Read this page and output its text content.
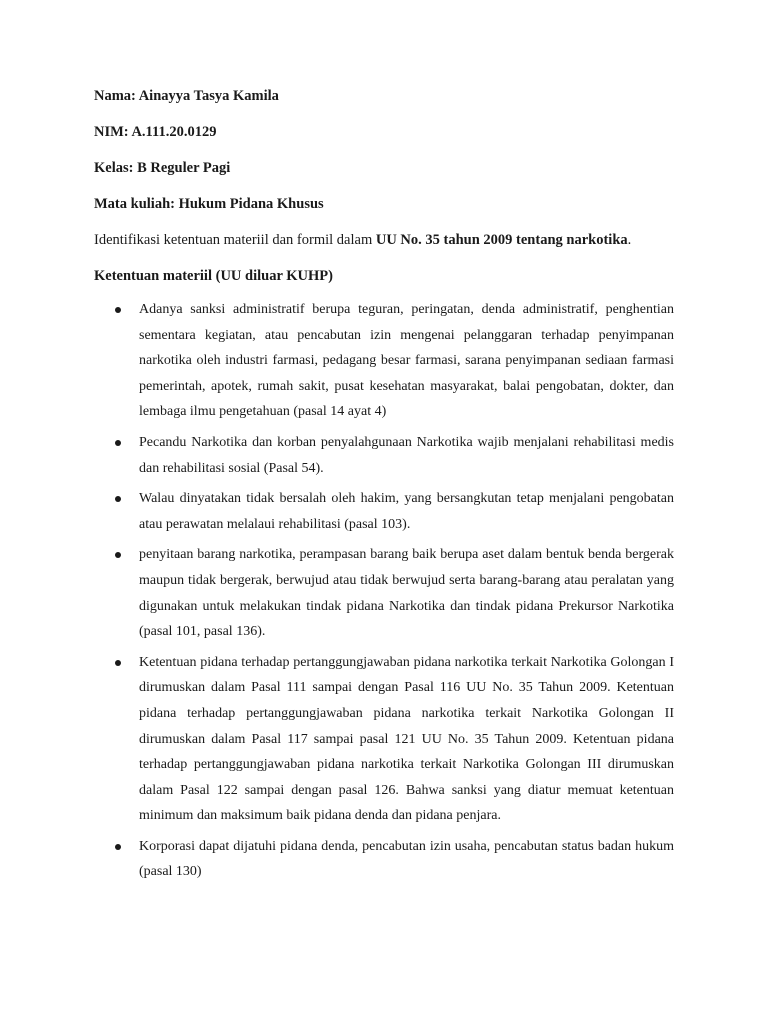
Nama: Ainayya Tasya Kamila
NIM: A.111.20.0129
Kelas: B Reguler Pagi
Mata kuliah: Hukum Pidana Khusus
Identifikasi ketentuan materiil dan formil dalam UU No. 35 tahun 2009 tentang narkotika.
Ketentuan materiil (UU diluar KUHP)
Adanya sanksi administratif berupa teguran, peringatan, denda administratif, penghentian sementara kegiatan, atau pencabutan izin mengenai pelanggaran terhadap penyimpanan narkotika oleh industri farmasi, pedagang besar farmasi, sarana penyimpanan sediaan farmasi pemerintah, apotek, rumah sakit, pusat kesehatan masyarakat, balai pengobatan, dokter, dan lembaga ilmu pengetahuan (pasal 14 ayat 4)
Pecandu Narkotika dan korban penyalahgunaan Narkotika wajib menjalani rehabilitasi medis dan rehabilitasi sosial (Pasal 54).
Walau dinyatakan tidak bersalah oleh hakim, yang bersangkutan tetap menjalani pengobatan atau perawatan melalaui rehabilitasi (pasal 103).
penyitaan barang narkotika, perampasan barang baik berupa aset dalam bentuk benda bergerak maupun tidak bergerak, berwujud atau tidak berwujud serta barang-barang atau peralatan yang digunakan untuk melakukan tindak pidana Narkotika dan tindak pidana Prekursor Narkotika (pasal 101, pasal 136).
Ketentuan pidana terhadap pertanggungjawaban pidana narkotika terkait Narkotika Golongan I dirumuskan dalam Pasal 111 sampai dengan Pasal 116 UU No. 35 Tahun 2009. Ketentuan pidana terhadap pertanggungjawaban pidana narkotika terkait Narkotika Golongan II dirumuskan dalam Pasal 117 sampai pasal 121 UU No. 35 Tahun 2009. Ketentuan pidana terhadap pertanggungjawaban pidana narkotika terkait Narkotika Golongan III dirumuskan dalam Pasal 122 sampai dengan pasal 126. Bahwa sanksi yang diatur memuat ketentuan minimum dan maksimum baik pidana denda dan pidana penjara.
Korporasi dapat dijatuhi pidana denda, pencabutan izin usaha, pencabutan status badan hukum (pasal 130)
